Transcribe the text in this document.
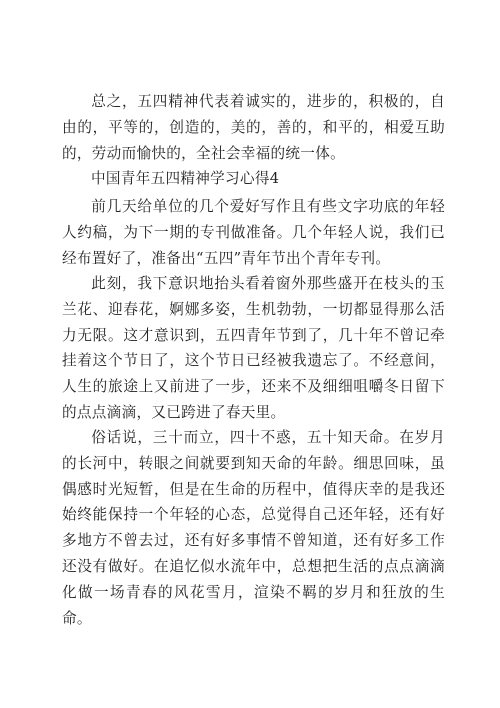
总之，五四精神代表着诚实的，进步的，积极的，自由的，平等的，创造的，美的，善的，和平的，相爱互助的，劳动而愉快的，全社会幸福的统一体。

中国青年五四精神学习心得4

前几天给单位的几个爱好写作且有些文字功底的年轻人约稿，为下一期的专刊做准备。几个年轻人说，我们已经布置好了，准备出“五四”青年节出个青年专刊。

此刻，我下意识地抬头看着窗外那些盛开在枝头的玉兰花、迎春花，婀娜多姿，生机勃勃，一切都显得那么活力无限。这才意识到，五四青年节到了，几十年不曾记牵挂着这个节日了，这个节日已经被我遗忘了。不经意间，人生的旅途上又前进了一步，还来不及细细咀嚼冬日留下的点点滴滴，又已跨进了春天里。

俗话说，三十而立，四十不惑，五十知天命。在岁月的长河中，转眼之间就要到知天命的年龄。细思回味，虽偶感时光短暂，但是在生命的历程中，值得庆幸的是我还始终能保持一个年轻的心态，总觉得自己还年轻，还有好多地方不曾去过，还有好多事情不曾知道，还有好多工作还没有做好。在追忆似水流年中，总想把生活的点点滴滴化做一场青春的风花雪月，渲染不羁的岁月和狂放的生命。
